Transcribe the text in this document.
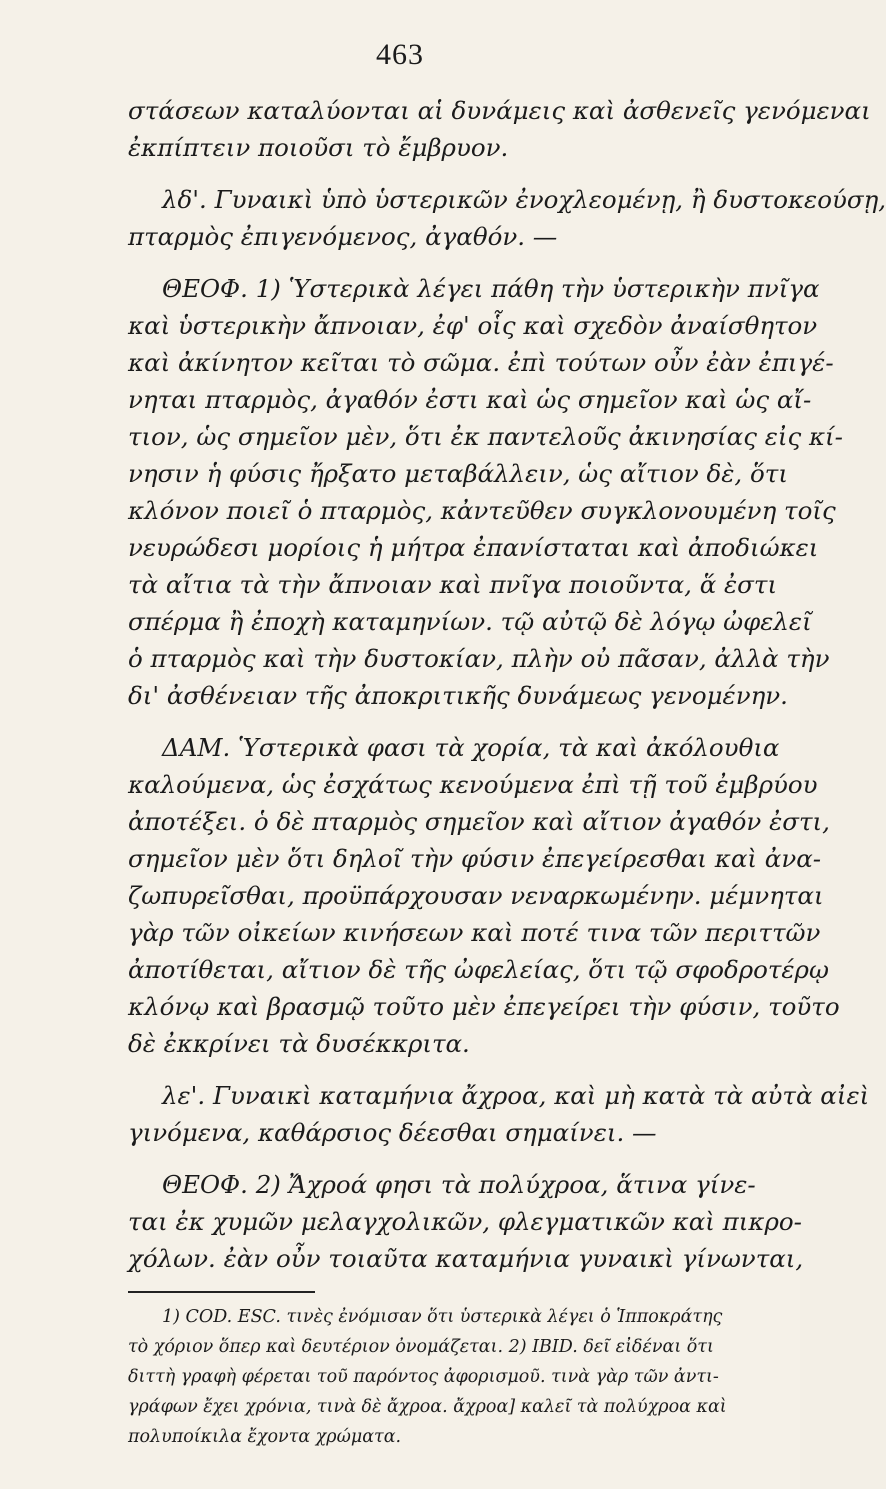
463

στάσεων καταλύονται αἱ δυνάμεις καὶ ἀσθενεῖς γενόμεναι
ἐκπίπτειν ποιοῦσι τὸ ἔμβρυον.

λδ'. Γυναικὶ ὑπὸ ὑστερικῶν ἐνοχλεομένῃ, ἢ δυστοκεούσῃ,
πταρμὸς ἐπιγενόμενος, ἀγαθόν. —

ΘΕΟΦ. 1) Ὑστερικὰ λέγει πάθη τὴν ὑστερικὴν πνῖγα
καὶ ὑστερικὴν ἄπνοιαν, ἐφ' οἷς καὶ σχεδὸν ἀναίσθητον
καὶ ἀκίνητον κεῖται τὸ σῶμα. ἐπὶ τούτων οὖν ἐὰν ἐπιγέ-
νηται πταρμὸς, ἀγαθόν ἐστι καὶ ὡς σημεῖον καὶ ὡς αἴ-
τιον, ὡς σημεῖον μὲν, ὅτι ἐκ παντελοῦς ἀκινησίας εἰς κί-
νησιν ἡ φύσις ἤρξατο μεταβάλλειν, ὡς αἴτιον δὲ, ὅτι
κλόνον ποιεῖ ὁ πταρμὸς, κἀντεῦθεν συγκλονουμένη τοῖς
νευρώδεσι μορίοις ἡ μήτρα ἐπανίσταται καὶ ἀποδιώκει
τὰ αἴτια τὰ τὴν ἄπνοιαν καὶ πνῖγα ποιοῦντα, ἅ ἐστι
σπέρμα ἢ ἐποχὴ καταμηνίων. τῷ αὐτῷ δὲ λόγῳ ὠφελεῖ
ὁ πταρμὸς καὶ τὴν δυστοκίαν, πλὴν οὐ πᾶσαν, ἀλλὰ τὴν
δι' ἀσθένειαν τῆς ἀποκριτικῆς δυνάμεως γενομένην.

ΔΑΜ. Ὑστερικὰ φασι τὰ χορία, τὰ καὶ ἀκόλουθια
καλούμενα, ὡς ἐσχάτως κενούμενα ἐπὶ τῇ τοῦ ἐμβρύου
ἀποτέξει. ὁ δὲ πταρμὸς σημεῖον καὶ αἴτιον ἀγαθόν ἐστι,
σημεῖον μὲν ὅτι δηλοῖ τὴν φύσιν ἐπεγείρεσθαι καὶ ἀνα-
ζωπυρεῖσθαι, προϋπάρχουσαν νεναρκωμένην. μέμνηται
γὰρ τῶν οἰκείων κινήσεων καὶ ποτέ τινα τῶν περιττῶν
ἀποτίθεται, αἴτιον δὲ τῆς ὠφελείας, ὅτι τῷ σφοδροτέρῳ
κλόνῳ καὶ βρασμῷ τοῦτο μὲν ἐπεγείρει τὴν φύσιν, τοῦτο
δὲ ἐκκρίνει τὰ δυσέκκριτα.

λε'. Γυναικὶ καταμήνια ἄχροα, καὶ μὴ κατὰ τὰ αὐτὰ αἰεὶ
γινόμενα, καθάρσιος δέεσθαι σημαίνει. —

ΘΕΟΦ. 2) Ἄχροά φησι τὰ πολύχροα, ἅτινα γίνε-
ται ἐκ χυμῶν μελαγχολικῶν, φλεγματικῶν καὶ πικρο-
χόλων. ἐὰν οὖν τοιαῦτα καταμήνια γυναικὶ γίνωνται,

1) COD. ESC. τινὲς ἐνόμισαν ὅτι ὑστερικὰ λέγει ὁ Ἱπποκράτης
τὸ χόριον ὅπερ καὶ δευτέριον ὀνομάζεται. 2) IBID. δεῖ εἰδέναι ὅτι
διττὴ γραφὴ φέρεται τοῦ παρόντος ἀφορισμοῦ. τινὰ γὰρ τῶν ἀντι-
γράφων ἔχει χρόνια, τινὰ δὲ ἄχροα. ἄχροα] καλεῖ τὰ πολύχροα καὶ
πολυποίκιλα ἔχοντα χρώματα.
